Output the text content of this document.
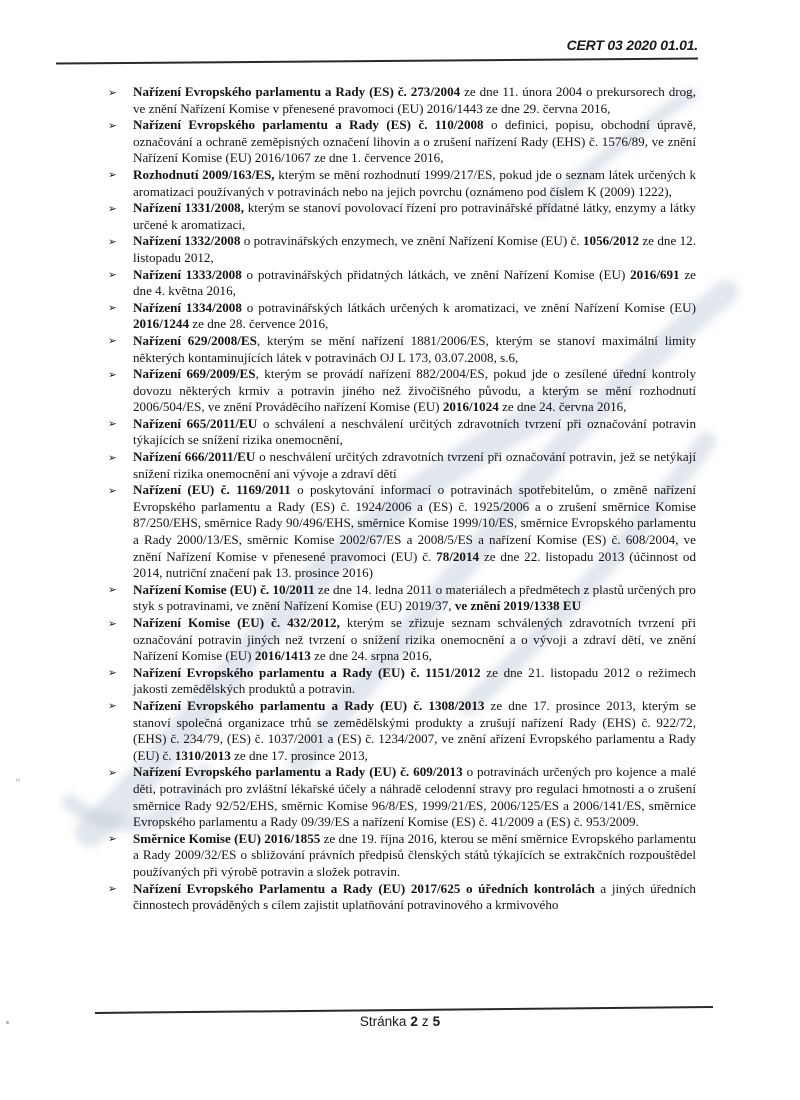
CERT 03 2020 01.01.
➢ Nařízení Evropského parlamentu a Rady (ES) č. 273/2004 ze dne 11. února 2004 o prekursorech drog, ve znění Nařízení Komise v přenesené pravomoci (EU) 2016/1443 ze dne 29. června 2016,
➢ Nařízení Evropského parlamentu a Rady (ES) č. 110/2008 o definici, popisu, obchodní úpravě, označování a ochraně zeměpisných označení lihovin a o zrušení nařízení Rady (EHS) č. 1576/89, ve znění Nařízení Komise (EU) 2016/1067 ze dne 1. července 2016,
➢ Rozhodnutí 2009/163/ES, kterým se mění rozhodnutí 1999/217/ES, pokud jde o seznam látek určených k aromatizaci používaných v potravinách nebo na jejich povrchu (oznámeno pod číslem K (2009) 1222),
➢ Nařízení 1331/2008, kterým se stanoví povolovací řízení pro potravinářské přídatné látky, enzymy a látky určené k aromatizaci,
➢ Nařízení 1332/2008 o potravinářských enzymech, ve znění Nařízení Komise (EU) č. 1056/2012 ze dne 12. listopadu 2012,
➢ Nařízení 1333/2008 o potravinářských přidatných látkách, ve znění Nařízení Komise (EU) 2016/691 ze dne 4. května 2016,
➢ Nařízení 1334/2008 o potravinářských látkách určených k aromatizaci, ve znění Nařízení Komise (EU) 2016/1244 ze dne 28. července 2016,
➢ Nařízení 629/2008/ES, kterým se mění nařízení 1881/2006/ES, kterým se stanoví maximální limity některých kontaminujících látek v potravinách OJ L 173, 03.07.2008, s.6,
➢ Nařízení 669/2009/ES, kterým se provádí nařízení 882/2004/ES, pokud jde o zesílené úřední kontroly dovozu některých krmiv a potravin jiného než živočišného původu, a kterým se mění rozhodnutí 2006/504/ES, ve znění Prováděcího nařízení Komise (EU) 2016/1024 ze dne 24. června 2016,
➢ Nařízení 665/2011/EU o schválení a neschválení určitých zdravotních tvrzení při označování potravin týkajících se snížení rizika onemocnění,
➢ Nařízení 666/2011/EU o neschválení určitých zdravotních tvrzení při označování potravin, jež se netýkají snížení rizika onemocnění ani vývoje a zdraví dětí
➢ Nařízení (EU) č. 1169/2011 o poskytování informací o potravinách spotřebitelům, o změně nařízení Evropského parlamentu a Rady (ES) č. 1924/2006 a (ES) č. 1925/2006 a o zrušení směrnice Komise 87/250/EHS, směrnice Rady 90/496/EHS, směrnice Komise 1999/10/ES, směrnice Evropského parlamentu a Rady 2000/13/ES, směrnic Komise 2002/67/ES a 2008/5/ES a nařízení Komise (ES) č. 608/2004, ve znění Nařízení Komise v přenesené pravomoci (EU) č. 78/2014 ze dne 22. listopadu 2013 (účinnost od 2014, nutriční značení pak 13. prosince 2016)
➢ Nařízení Komise (EU) č. 10/2011 ze dne 14. ledna 2011 o materiálech a předmětech z plastů určených pro styk s potravinami, ve znění Nařízení Komise (EU) 2019/37, ve znění 2019/1338 EU
➢ Nařízení Komise (EU) č. 432/2012, kterým se zřizuje seznam schválených zdravotních tvrzení při označování potravin jiných než tvrzení o snížení rizika onemocnění a o vývoji a zdraví dětí, ve znění Nařízení Komise (EU) 2016/1413 ze dne 24. srpna 2016,
➢ Nařízení Evropského parlamentu a Rady (EU) č. 1151/2012 ze dne 21. listopadu 2012 o režimech jakosti zemědělských produktů a potravin.
➢ Nařízení Evropského parlamentu a Rady (EU) č. 1308/2013 ze dne 17. prosince 2013, kterým se stanoví společná organizace trhů se zemědělskými produkty a zrušují nařízení Rady (EHS) č. 922/72, (EHS) č. 234/79, (ES) č. 1037/2001 a (ES) č. 1234/2007, ve znění ařízení Evropského parlamentu a Rady (EU) č. 1310/2013 ze dne 17. prosince 2013,
➢ Nařízení Evropského parlamentu a Rady (EU) č. 609/2013 o potravinách určených pro kojence a malé děti, potravinách pro zvláštní lékařské účely a náhradě celodenní stravy pro regulaci hmotnosti a o zrušení směrnice Rady 92/52/EHS, směrnic Komise 96/8/ES, 1999/21/ES, 2006/125/ES a 2006/141/ES, směrnice Evropského parlamentu a Rady 09/39/ES a nařízení Komise (ES) č. 41/2009 a (ES) č. 953/2009.
➢ Směrnice Komise (EU) 2016/1855 ze dne 19. října 2016, kterou se mění směrnice Evropského parlamentu a Rady 2009/32/ES o sbližování právních předpisů členských států týkajících se extrakčních rozpouštědel používaných při výrobě potravin a složek potravin.
➢ Nařízení Evropského Parlamentu a Rady (EU) 2017/625 o úředních kontrolách a jiných úředních činnostech prováděných s cílem zajistit uplatňování potravinového a krmivového
Stránka 2 z 5
ᶳᶳ
